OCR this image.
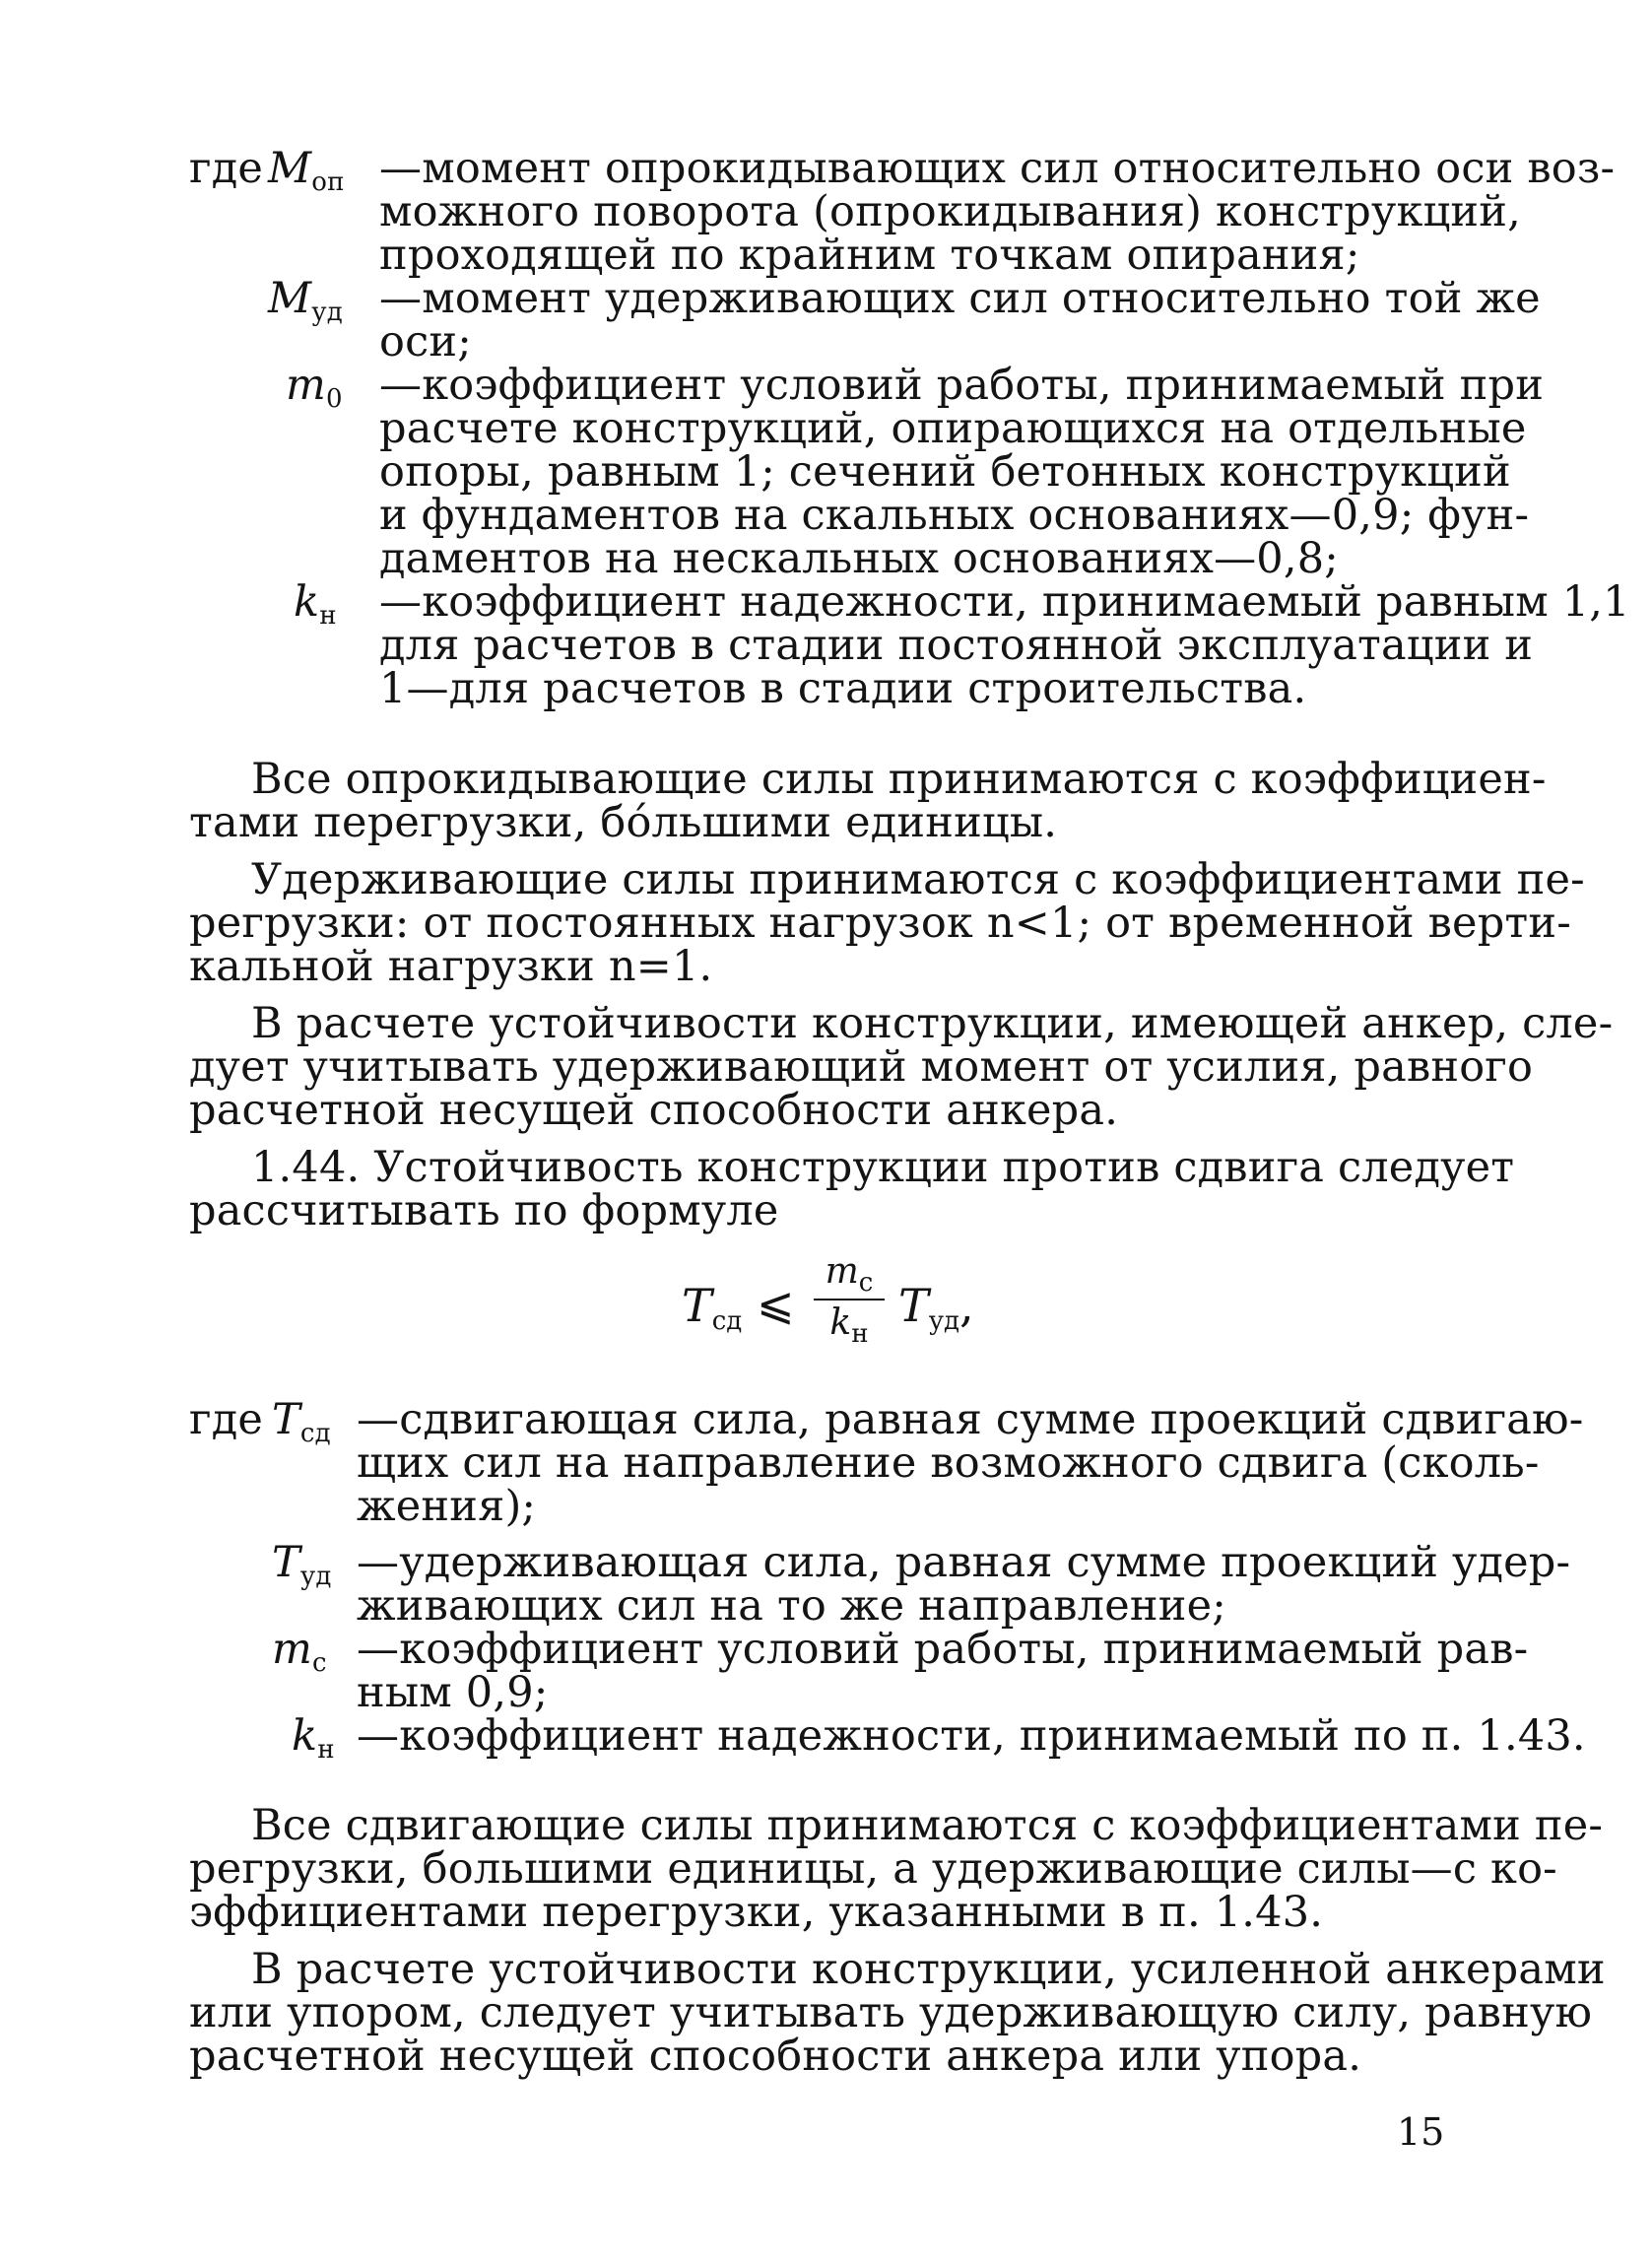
где $M_{оп}$ —момент опрокидывающих сил относительно оси воз-
можного поворота (опрокидывания) конструкций,
проходящей по крайним точкам опирания;
$M_{уд}$ —момент удерживающих сил относительно той же
оси;
$m_0$ —коэффициент условий работы, принимаемый при
расчете конструкций, опирающихся на отдельные
опоры, равным 1; сечений бетонных конструкций
и фундаментов на скальных основаниях—0,9; фун-
даментов на нескальных основаниях—0,8;
$k_н$	—коэффициент надежности, принимаемый равным 1,1
для расчетов в стадии постоянной эксплуатации и
1—для расчетов в стадии строительства.
Все опрокидывающие силы принимаются с коэффициен-
тами перегрузки, бо́льшими единицы.
Удерживающие силы принимаются с коэффициентами пе-
регрузки: от постоянных нагрузок n<1; от временной верти-
кальной нагрузки n=1.
В расчете устойчивости конструкции, имеющей анкер, сле-
дует учитывать удерживающий момент от усилия, равного
расчетной несущей способности анкера.
1.44. Устойчивость конструкции против сдвига следует
рассчитывать по формуле
$T_{сд}$ ⩽
$m_c$
$k_н$
$T_{уд}$,
где $T_{сд}$ —сдвигающая сила, равная сумме проекций сдвигаю-
щих сил на направление возможного сдвига (сколь-
жения);
$T_{уд}$ —удерживающая сила, равная сумме проекций удер-
живающих сил на то же направление;
$m_c$ —коэффициент условий работы, принимаемый рав-
ным 0,9;
$k_н$ —коэффициент надежности, принимаемый по п. 1.43.
Все сдвигающие силы принимаются с коэффициентами пе-
регрузки, большими единицы, а удерживающие силы—с ко-
эффициентами перегрузки, указанными в п. 1.43.
В расчете устойчивости конструкции, усиленной анкерами
или упором, следует учитывать удерживающую силу, равную
расчетной несущей способности анкера или упора.
15
